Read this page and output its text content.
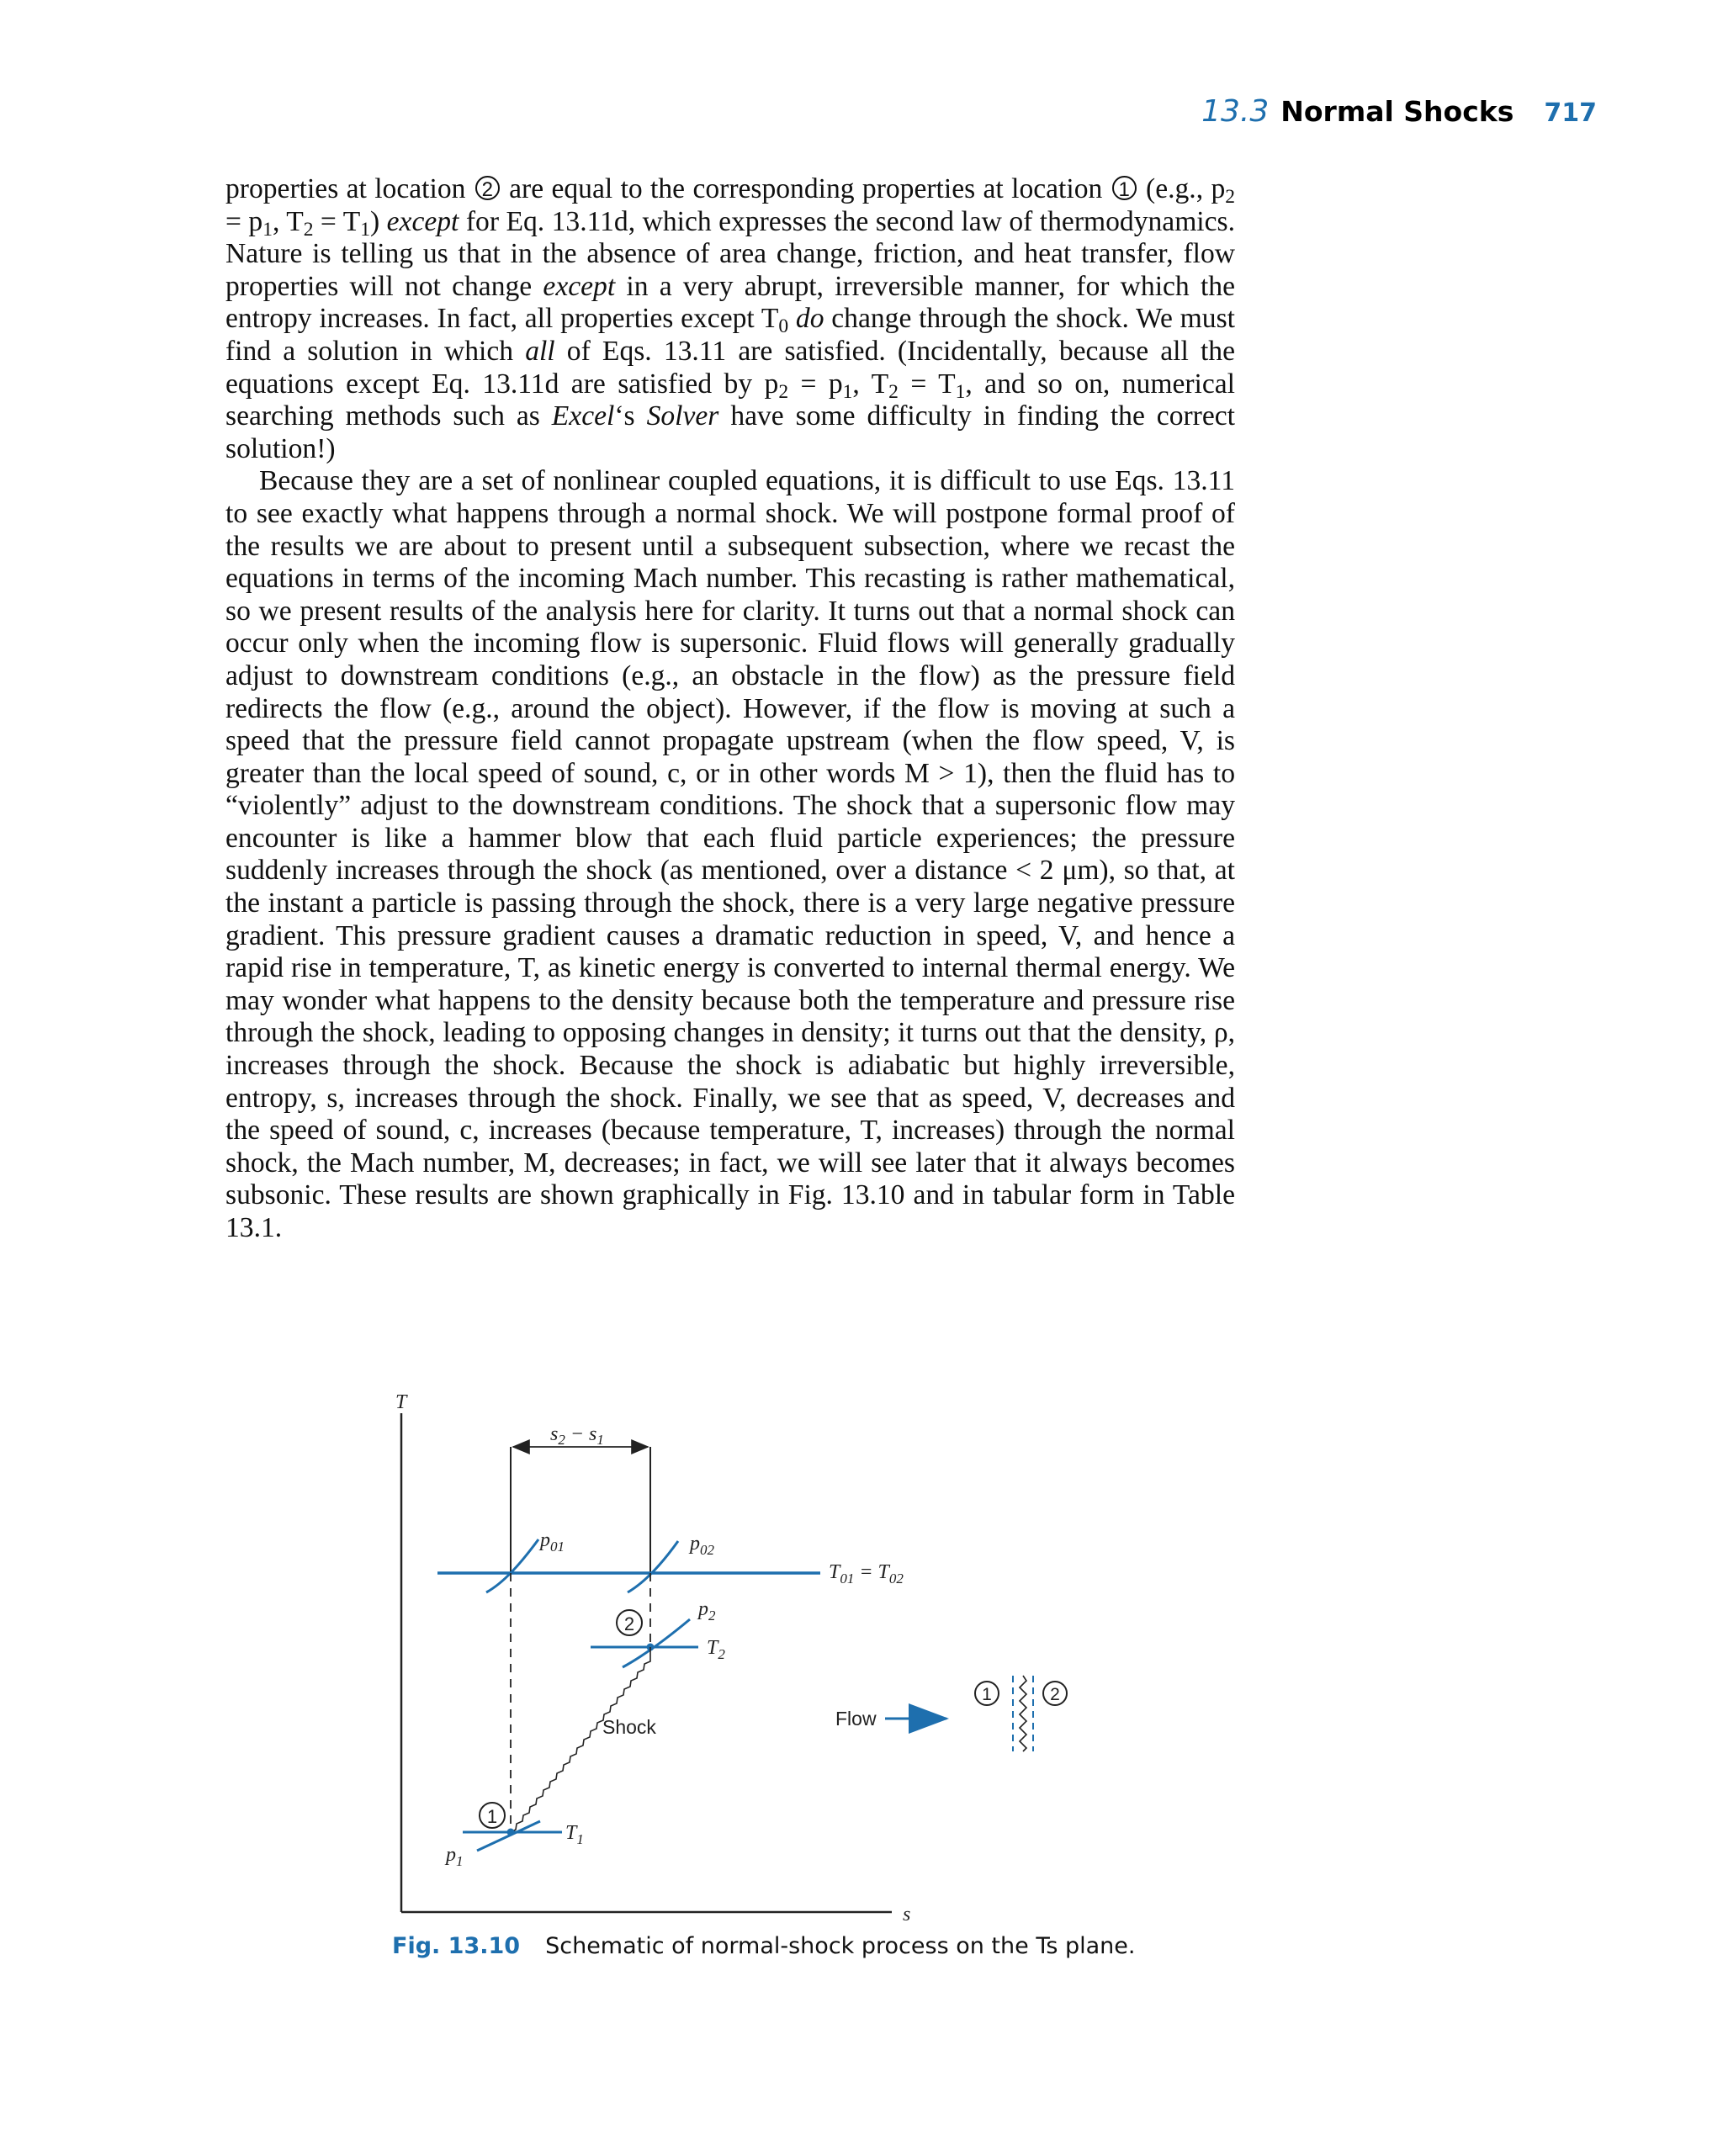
13.3 Normal Shocks 717

properties at location 2 are equal to the corresponding properties at location 1 (e.g., $p_2 = p_1$, $T_2 = T_1$) except for Eq. 13.11d, which expresses the second law of thermodynamics. Nature is telling us that in the absence of area change, friction, and heat transfer, flow properties will not change except in a very abrupt, irreversible manner, for which the entropy increases. In fact, all properties except $T_0$ do change through the shock. We must find a solution in which all of Eqs. 13.11 are satisfied. (Incidentally, because all the equations except Eq. 13.11d are satisfied by $p_2 = p_1$, $T_2 = T_1$, and so on, numerical searching methods such as Excel‘s Solver have some difficulty in finding the correct solution!)

Because they are a set of nonlinear coupled equations, it is difficult to use Eqs. 13.11 to see exactly what happens through a normal shock. We will postpone formal proof of the results we are about to present until a subsequent subsection, where we recast the equations in terms of the incoming Mach number. This recasting is rather mathematical, so we present results of the analysis here for clarity. It turns out that a normal shock can occur only when the incoming flow is supersonic. Fluid flows will generally gradually adjust to downstream conditions (e.g., an obstacle in the flow) as the pressure field redirects the flow (e.g., around the object). However, if the flow is moving at such a speed that the pressure field cannot propagate upstream (when the flow speed, V, is greater than the local speed of sound, c, or in other words M > 1), then the fluid has to “violently” adjust to the downstream conditions. The shock that a supersonic flow may encounter is like a hammer blow that each fluid particle experiences; the pressure suddenly increases through the shock (as mentioned, over a distance < 2 μm), so that, at the instant a particle is passing through the shock, there is a very large negative pressure gradient. This pressure gradient causes a dramatic reduction in speed, V, and hence a rapid rise in temperature, T, as kinetic energy is converted to internal thermal energy. We may wonder what happens to the density because both the temperature and pressure rise through the shock, leading to opposing changes in density; it turns out that the density, ρ, increases through the shock. Because the shock is adiabatic but highly irreversible, entropy, s, increases through the shock. Finally, we see that as speed, V, decreases and the speed of sound, c, increases (because temperature, T, increases) through the normal shock, the Mach number, M, decreases; in fact, we will see later that it always becomes subsonic. These results are shown graphically in Fig. 13.10 and in tabular form in Table 13.1.

T
s
$s_2 - s_1$
$T_{01} = T_{02}$
$p_{01}$	$p_{02}$
2
$p_2$
$T_2$
Shock
1
$T_1$
$p_1$
Flow
1	2
Fig. 13.10 Schematic of normal-shock process on the Ts plane.
